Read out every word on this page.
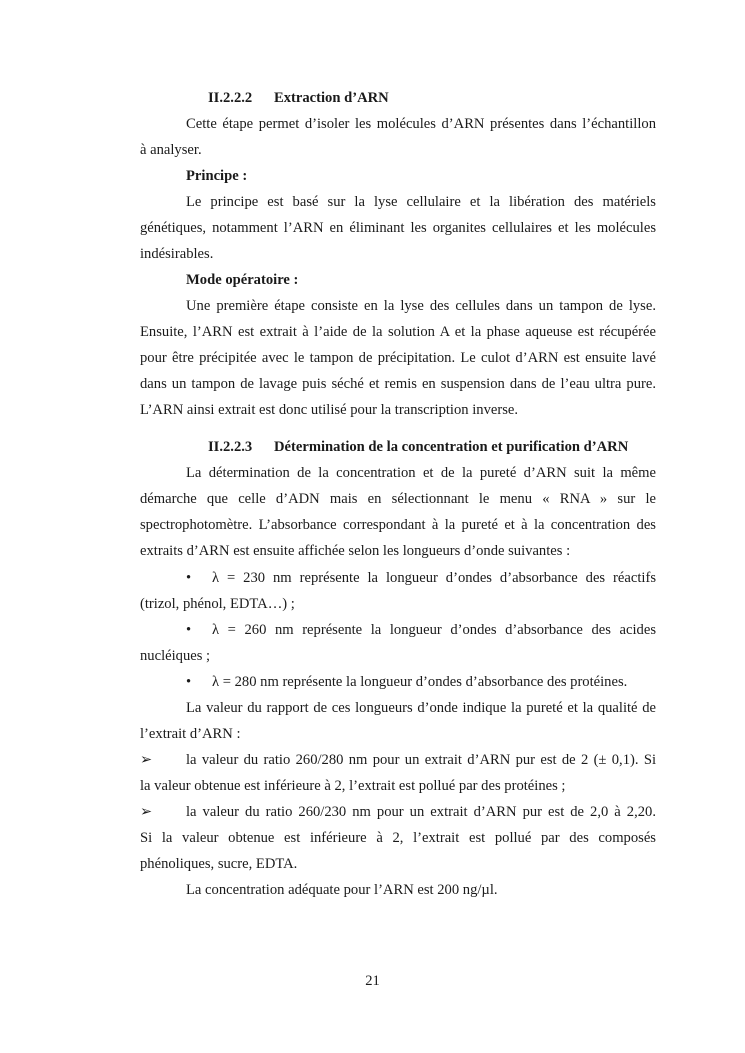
II.2.2.2 Extraction d’ARN
Cette étape permet d’isoler les molécules d’ARN présentes dans l’échantillon
à analyser.
Principe :
Le principe est basé sur la lyse cellulaire et la libération des matériels
génétiques, notamment l’ARN en éliminant les organites cellulaires et les molécules
indésirables.
Mode opératoire :
Une première étape consiste en la lyse des cellules dans un tampon de lyse.
Ensuite, l’ARN est extrait à l’aide de la solution A et la phase aqueuse est récupérée
pour être précipitée avec le tampon de précipitation. Le culot d’ARN est ensuite lavé
dans un tampon de lavage puis séché et remis en suspension dans de l’eau ultra pure.
L’ARN ainsi extrait est donc utilisé pour la transcription inverse.
II.2.2.3 Détermination de la concentration et purification d’ARN
La détermination de la concentration et de la pureté d’ARN suit la même
démarche que celle d’ADN mais en sélectionnant le menu « RNA » sur le
spectrophotomètre. L’absorbance correspondant à la pureté et à la concentration des
extraits d’ARN est ensuite affichée selon les longueurs d’onde suivantes :
• λ = 230 nm représente la longueur d’ondes d’absorbance des réactifs
(trizol, phénol, EDTA…) ;
• λ = 260 nm représente la longueur d’ondes d’absorbance des acides
nucléiques ;
• λ = 280 nm représente la longueur d’ondes d’absorbance des protéines.
La valeur du rapport de ces longueurs d’onde indique la pureté et la qualité de
l’extrait d’ARN :
➢ la valeur du ratio 260/280 nm pour un extrait d’ARN pur est de 2 (± 0,1). Si
la valeur obtenue est inférieure à 2, l’extrait est pollué par des protéines ;
➢ la valeur du ratio 260/230 nm pour un extrait d’ARN pur est de 2,0 à 2,20.
Si la valeur obtenue est inférieure à 2, l’extrait est pollué par des composés
phénoliques, sucre, EDTA.
La concentration adéquate pour l’ARN est 200 ng/µl.
21
